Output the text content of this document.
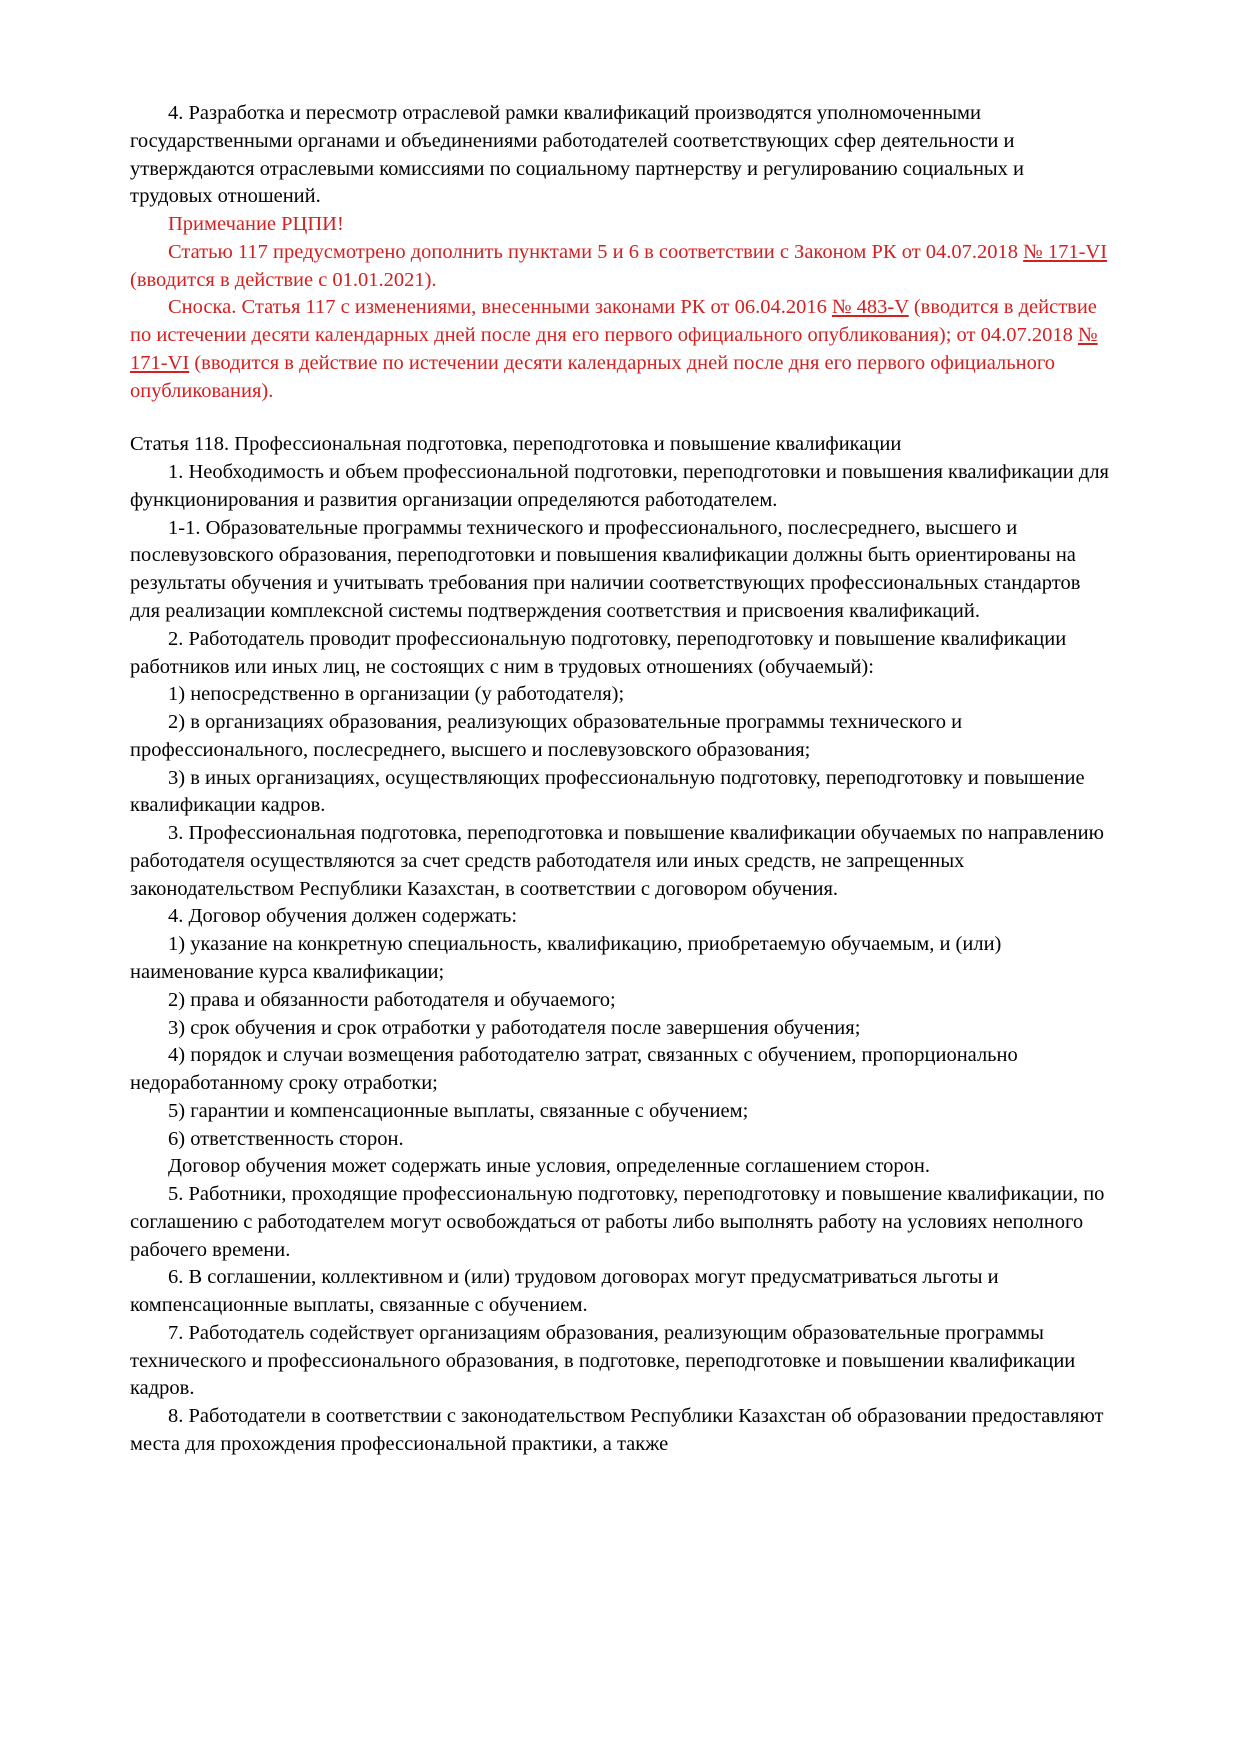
4. Разработка и пересмотр отраслевой рамки квалификаций производятся уполномоченными государственными органами и объединениями работодателей соответствующих сфер деятельности и утверждаются отраслевыми комиссиями по социальному партнерству и регулированию социальных и трудовых отношений.

Примечание РЦПИ!

Статью 117 предусмотрено дополнить пунктами 5 и 6 в соответствии с Законом РК от 04.07.2018 № 171-VI (вводится в действие с 01.01.2021).

Сноска. Статья 117 с изменениями, внесенными законами РК от 06.04.2016 № 483-V (вводится в действие по истечении десяти календарных дней после дня его первого официального опубликования); от 04.07.2018 № 171-VI (вводится в действие по истечении десяти календарных дней после дня его первого официального опубликования).

Статья 118. Профессиональная подготовка, переподготовка и повышение квалификации

1. Необходимость и объем профессиональной подготовки, переподготовки и повышения квалификации для функционирования и развития организации определяются работодателем.

1-1. Образовательные программы технического и профессионального, послесреднего, высшего и послевузовского образования, переподготовки и повышения квалификации должны быть ориентированы на результаты обучения и учитывать требования при наличии соответствующих профессиональных стандартов для реализации комплексной системы подтверждения соответствия и присвоения квалификаций.

2. Работодатель проводит профессиональную подготовку, переподготовку и повышение квалификации работников или иных лиц, не состоящих с ним в трудовых отношениях (обучаемый):

1) непосредственно в организации (у работодателя);

2) в организациях образования, реализующих образовательные программы технического и профессионального, послесреднего, высшего и послевузовского образования;

3) в иных организациях, осуществляющих профессиональную подготовку, переподготовку и повышение квалификации кадров.

3. Профессиональная подготовка, переподготовка и повышение квалификации обучаемых по направлению работодателя осуществляются за счет средств работодателя или иных средств, не запрещенных законодательством Республики Казахстан, в соответствии с договором обучения.

4. Договор обучения должен содержать:

1) указание на конкретную специальность, квалификацию, приобретаемую обучаемым, и (или) наименование курса квалификации;

2) права и обязанности работодателя и обучаемого;

3) срок обучения и срок отработки у работодателя после завершения обучения;

4) порядок и случаи возмещения работодателю затрат, связанных с обучением, пропорционально недоработанному сроку отработки;

5) гарантии и компенсационные выплаты, связанные с обучением;

6) ответственность сторон.

Договор обучения может содержать иные условия, определенные соглашением сторон.

5. Работники, проходящие профессиональную подготовку, переподготовку и повышение квалификации, по соглашению с работодателем могут освобождаться от работы либо выполнять работу на условиях неполного рабочего времени.

6. В соглашении, коллективном и (или) трудовом договорах могут предусматриваться льготы и компенсационные выплаты, связанные с обучением.

7. Работодатель содействует организациям образования, реализующим образовательные программы технического и профессионального образования, в подготовке, переподготовке и повышении квалификации кадров.

8. Работодатели в соответствии с законодательством Республики Казахстан об образовании предоставляют места для прохождения профессиональной практики, а также
